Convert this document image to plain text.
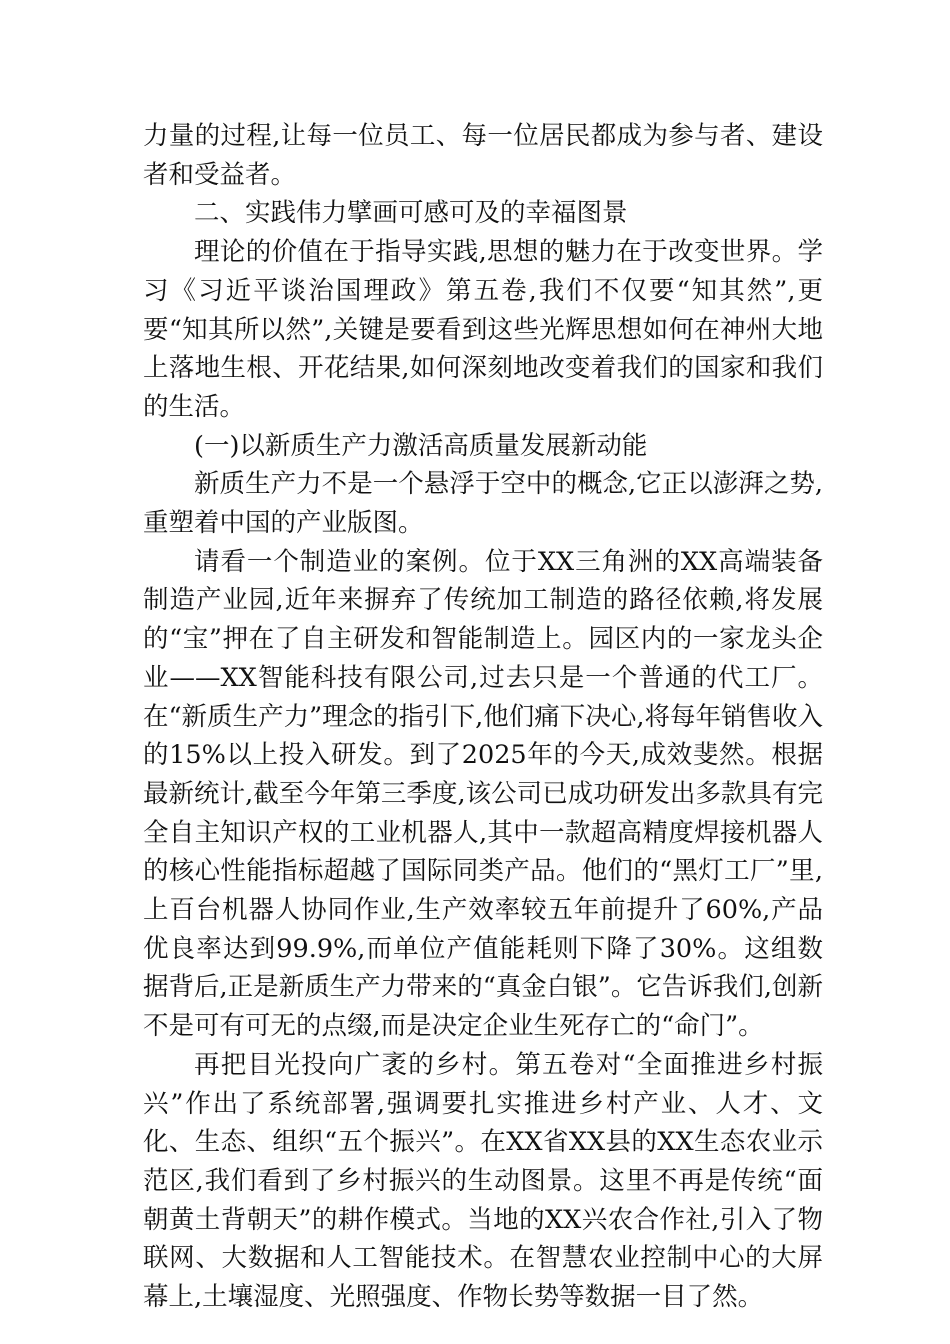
力量的过程,让每一位员工、每一位居民都成为参与者、建设者和受益者。

二、实践伟力擘画可感可及的幸福图景

理论的价值在于指导实践,思想的魅力在于改变世界。学习《习近平谈治国理政》第五卷,我们不仅要“知其然”,更要“知其所以然”,关键是要看到这些光辉思想如何在神州大地上落地生根、开花结果,如何深刻地改变着我们的国家和我们的生活。

(一)以新质生产力激活高质量发展新动能

新质生产力不是一个悬浮于空中的概念,它正以澎湃之势,重塑着中国的产业版图。

请看一个制造业的案例。位于XX三角洲的XX高端装备制造产业园,近年来摒弃了传统加工制造的路径依赖,将发展的“宝”押在了自主研发和智能制造上。园区内的一家龙头企业——XX智能科技有限公司,过去只是一个普通的代工厂。在“新质生产力”理念的指引下,他们痛下决心,将每年销售收入的15%以上投入研发。到了2025年的今天,成效斐然。根据最新统计,截至今年第三季度,该公司已成功研发出多款具有完全自主知识产权的工业机器人,其中一款超高精度焊接机器人的核心性能指标超越了国际同类产品。他们的“黑灯工厂”里,上百台机器人协同作业,生产效率较五年前提升了60%,产品优良率达到99.9%,而单位产值能耗则下降了30%。这组数据背后,正是新质生产力带来的“真金白银”。它告诉我们,创新不是可有可无的点缀,而是决定企业生死存亡的“命门”。

再把目光投向广袤的乡村。第五卷对“全面推进乡村振兴”作出了系统部署,强调要扎实推进乡村产业、人才、文化、生态、组织“五个振兴”。在XX省XX县的XX生态农业示范区,我们看到了乡村振兴的生动图景。这里不再是传统“面朝黄土背朝天”的耕作模式。当地的XX兴农合作社,引入了物联网、大数据和人工智能技术。在智慧农业控制中心的大屏幕上,土壤湿度、光照强度、作物长势等数据一目了然。
